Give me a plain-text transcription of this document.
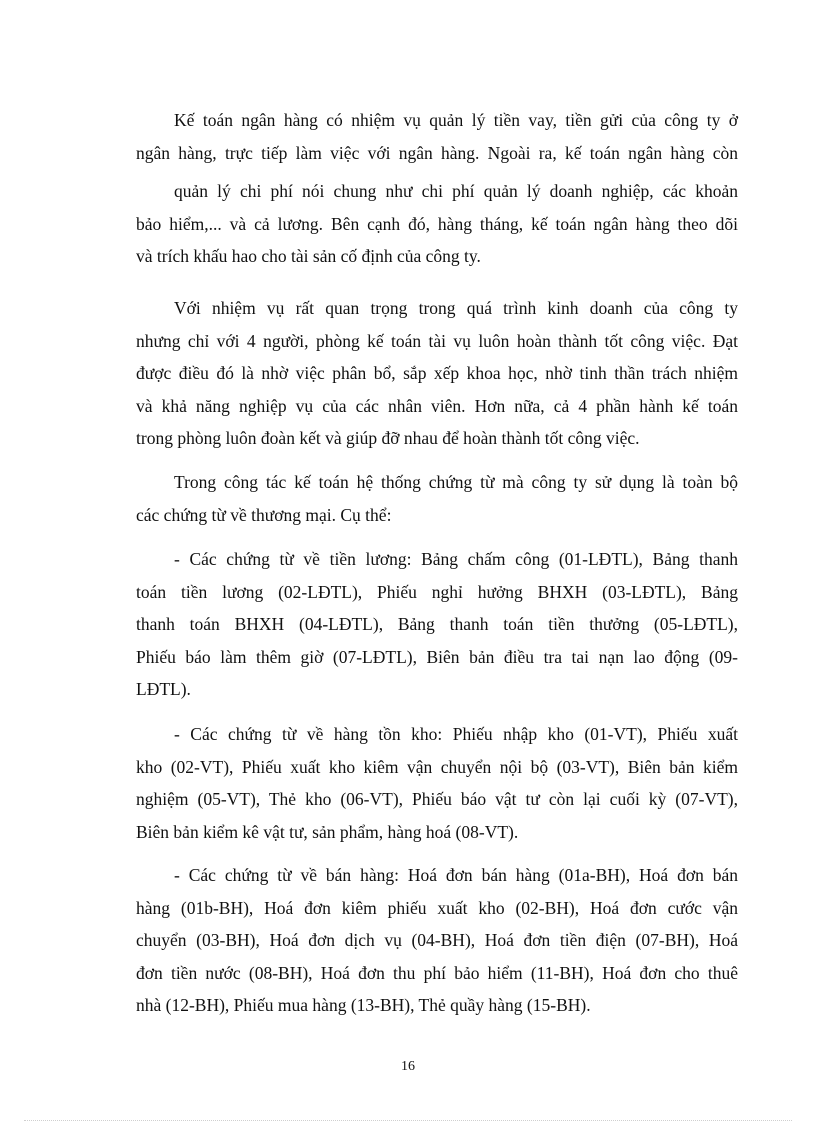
Kế toán ngân hàng có nhiệm vụ quản lý tiền vay, tiền gửi của công ty ở
ngân hàng, trực tiếp làm việc với ngân hàng. Ngoài ra, kế toán ngân hàng còn
quản lý chi phí nói chung như chi phí quản lý doanh nghiệp, các khoản
bảo hiểm,... và cả lương. Bên cạnh đó, hàng tháng, kế toán ngân hàng theo dõi
và trích khấu hao cho tài sản cố định của công ty.

Với nhiệm vụ rất quan trọng trong quá trình kinh doanh của công ty
nhưng chỉ với 4 người, phòng kế toán tài vụ luôn hoàn thành tốt công việc. Đạt
được điều đó là nhờ việc phân bổ, sắp xếp khoa học, nhờ tinh thần trách nhiệm
và khả năng nghiệp vụ của các nhân viên. Hơn nữa, cả 4 phần hành kế toán
trong phòng luôn đoàn kết và giúp đỡ nhau để hoàn thành tốt công việc.

Trong công tác kế toán hệ thống chứng từ mà công ty sử dụng là toàn bộ
các chứng từ về thương mại. Cụ thể:

- Các chứng từ về tiền lương: Bảng chấm công (01-LĐTL), Bảng thanh
toán tiền lương (02-LĐTL), Phiếu nghỉ hưởng BHXH (03-LĐTL), Bảng
thanh toán BHXH (04-LĐTL), Bảng thanh toán tiền thưởng (05-LĐTL),
Phiếu báo làm thêm giờ (07-LĐTL), Biên bản điều tra tai nạn lao động (09-
LĐTL).

- Các chứng từ về hàng tồn kho: Phiếu nhập kho (01-VT), Phiếu xuất
kho (02-VT), Phiếu xuất kho kiêm vận chuyển nội bộ (03-VT), Biên bản kiểm
nghiệm (05-VT), Thẻ kho (06-VT), Phiếu báo vật tư còn lại cuối kỳ (07-VT),
Biên bản kiểm kê vật tư, sản phẩm, hàng hoá (08-VT).

- Các chứng từ về bán hàng: Hoá đơn bán hàng (01a-BH), Hoá đơn bán
hàng (01b-BH), Hoá đơn kiêm phiếu xuất kho (02-BH), Hoá đơn cước vận
chuyển (03-BH), Hoá đơn dịch vụ (04-BH), Hoá đơn tiền điện (07-BH), Hoá
đơn tiền nước (08-BH), Hoá đơn thu phí bảo hiểm (11-BH), Hoá đơn cho thuê
nhà (12-BH), Phiếu mua hàng (13-BH), Thẻ quầy hàng (15-BH).

16
